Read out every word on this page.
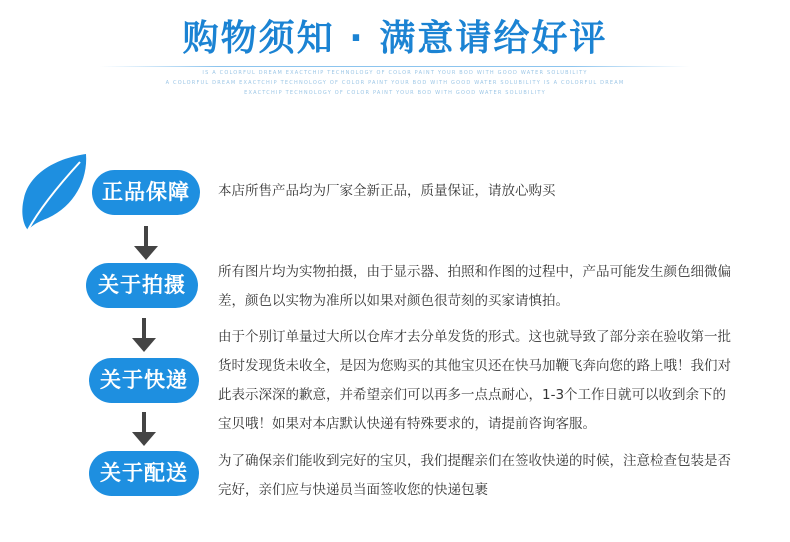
购物须知 · 满意请给好评
IS A COLORFUL DREAM EXACTCHIP TECHNOLOGY OF COLOR PAINT YOUR BOD WITH GOOD WATER SOLUBILITY
A COLORFUL DREAM EXACTCHIP TECHNOLOGY OF COLOR PAINT YOUR BOD WITH GOOD WATER SOLUBILITY IS A COLORFUL DREAM
EXACTCHIP TECHNOLOGY OF COLOR PAINT YOUR BOD WITH GOOD WATER SOLUBILITY
正品保障
关于拍摄
关于快递
关于配送
本店所售产品均为厂家全新正品，质量保证，请放心购买
所有图片均为实物拍摄，由于显示器、拍照和作图的过程中，产品可能发生颜色细微偏
差，颜色以实物为准所以如果对颜色很苛刻的买家请慎拍。
由于个别订单量过大所以仓库才去分单发货的形式。这也就导致了部分亲在验收第一批
货时发现货未收全，是因为您购买的其他宝贝还在快马加鞭飞奔向您的路上哦！我们对
此表示深深的歉意，并希望亲们可以再多一点点耐心，1-3个工作日就可以收到余下的
宝贝哦！如果对本店默认快递有特殊要求的，请提前咨询客服。
为了确保亲们能收到完好的宝贝，我们提醒亲们在签收快递的时候，注意检查包装是否
完好，亲们应与快递员当面签收您的快递包裹
